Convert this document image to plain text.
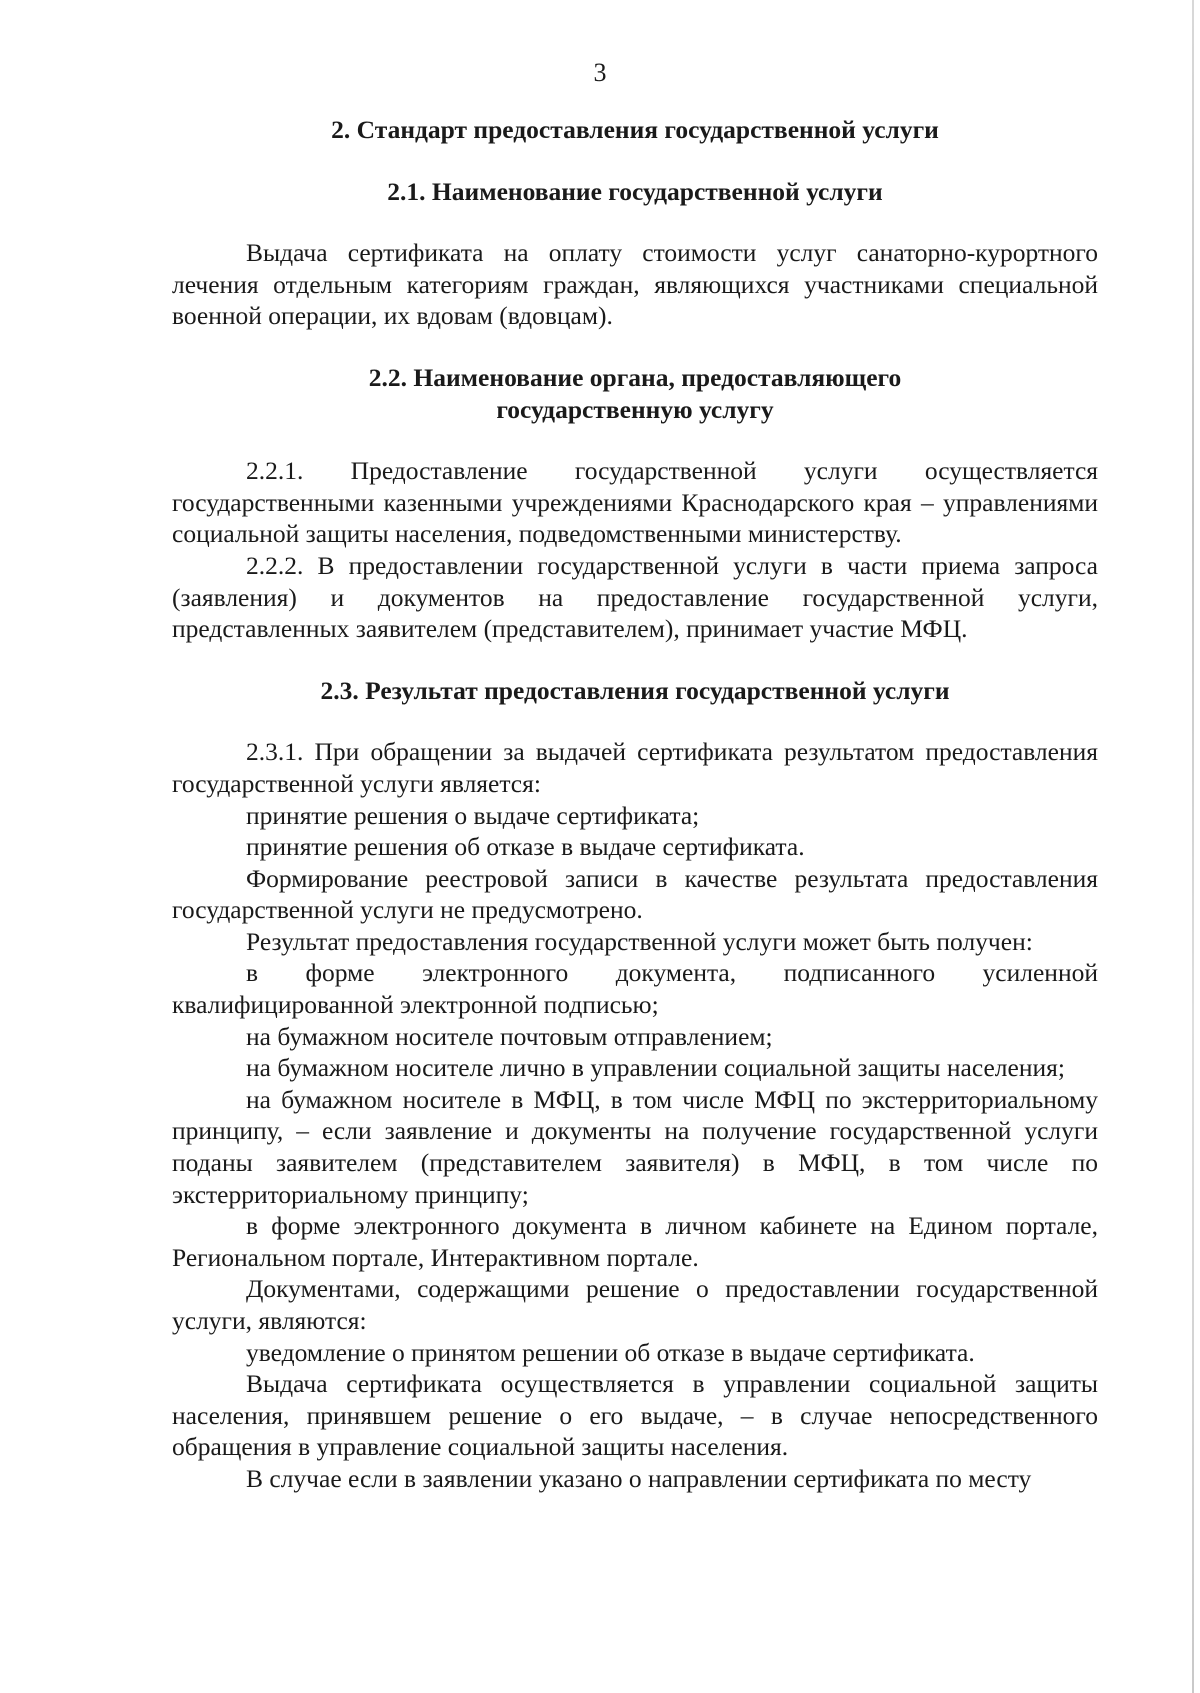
3
2. Стандарт предоставления государственной услуги
2.1. Наименование государственной услуги

Выдача сертификата на оплату стоимости услуг санаторно-курортного лечения отдельным категориям граждан, являющихся участниками специальной военной операции, их вдовам (вдовцам).

2.2. Наименование органа, предоставляющего
государственную услугу

2.2.1. Предоставление государственной услуги осуществляется государственными казенными учреждениями Краснодарского края – управлениями социальной защиты населения, подведомственными министерству.

2.2.2. В предоставлении государственной услуги в части приема запроса (заявления) и документов на предоставление государственной услуги, представленных заявителем (представителем), принимает участие МФЦ.

2.3. Результат предоставления государственной услуги

2.3.1. При обращении за выдачей сертификата результатом предоставления государственной услуги является:

принятие решения о выдаче сертификата;

принятие решения об отказе в выдаче сертификата.

Формирование реестровой записи в качестве результата предоставления государственной услуги не предусмотрено.

Результат предоставления государственной услуги может быть получен:

в форме электронного документа, подписанного усиленной квалифицированной электронной подписью;

на бумажном носителе почтовым отправлением;

на бумажном носителе лично в управлении социальной защиты населения;

на бумажном носителе в МФЦ, в том числе МФЦ по экстерриториальному принципу, – если заявление и документы на получение государственной услуги поданы заявителем (представителем заявителя) в МФЦ, в том числе по экстерриториальному принципу;

в форме электронного документа в личном кабинете на Едином портале, Региональном портале, Интерактивном портале.

Документами, содержащими решение о предоставлении государственной услуги, являются:

уведомление о принятом решении об отказе в выдаче сертификата.

Выдача сертификата осуществляется в управлении социальной защиты населения, принявшем решение о его выдаче, – в случае непосредственного обращения в управление социальной защиты населения.

В случае если в заявлении указано о направлении сертификата по месту
